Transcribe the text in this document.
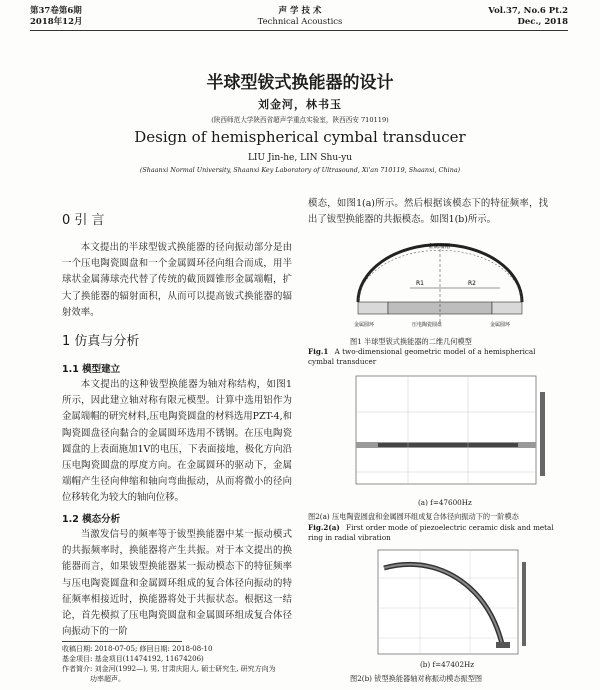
第37卷第6期
2018年12月
声 学 技 术
Technical Acoustics
Vol.37, No.6 Pt.2
Dec., 2018
半球型钹式换能器的设计
刘金河，林书玉
(陕西师范大学陕西省超声学重点实验室，陕西西安 710119)
Design of hemispherical cymbal transducer
LIU Jin-he, LIN Shu-yu
(Shaanxi Normal University, Shaanxi Key Laboratory of Ultrasound, Xi'an 710119, Shaanxi, China)
0 引 言

本文提出的半球型钹式换能器的径向振动部分是由一个压电陶瓷圆盘和一个金属圆环径向组合而成，用半球状金属薄球壳代替了传统的截顶圆锥形金属端帽，扩大了换能器的辐射面积，从而可以提高钹式换能器的辐射效率。

1 仿真与分析
1.1 模型建立

本文提出的这种钹型换能器为轴对称结构，如图1所示，因此建立轴对称有限元模型。计算中选用铝作为金属端帽的研究材料,压电陶瓷圆盘的材料选用PZT-4,和陶瓷圆盘径向黏合的金属圆环选用不锈钢。在压电陶瓷圆盘的上表面施加1V的电压，下表面接地，极化方向沿压电陶瓷圆盘的厚度方向。在金属圆环的驱动下，金属端帽产生径向伸缩和轴向弯曲振动，从而将微小的径向位移转化为较大的轴向位移。

1.2 模态分析

当激发信号的频率等于钹型换能器中某一振动模式的共振频率时，换能器将产生共振。对于本文提出的换能器而言，如果钹型换能器某一振动模态下的特征频率与压电陶瓷圆盘和金属圆环组成的复合体径向振动的特征频率相接近时，换能器将处于共振状态。根据这一结论，首先模拟了压电陶瓷圆盘和金属圆环组成复合体径向振动下的一阶

收稿日期: 2018-07-05; 修回日期: 2018-08-10
基金项目: 基金项目(11474192, 11674206)
作者简介: 刘金河(1992—), 男, 甘肃庆阳人, 硕士研究生, 研究方向为
功率超声。

模态，如图1(a)所示。然后根据该模态下的特征频率，找出了钹型换能器的共振模态。如图1(b)所示。

R1	R2
金属端帽
金属圆环	压电陶瓷圆盘	金属圆环
图1 半球型钹式换能器的二维几何模型
Fig.1 A two-dimensional geometric model of a hemispherical cymbal transducer
(a) f=47600Hz
图2(a) 压电陶瓷圆盘和金属圆环组成复合体径向振动下的一阶模态
Fig.2(a) First order mode of piezoelectric ceramic disk and metal ring in radial vibration
(b) f=47402Hz
图2(b) 钹型换能器轴对称振动模态振型图
